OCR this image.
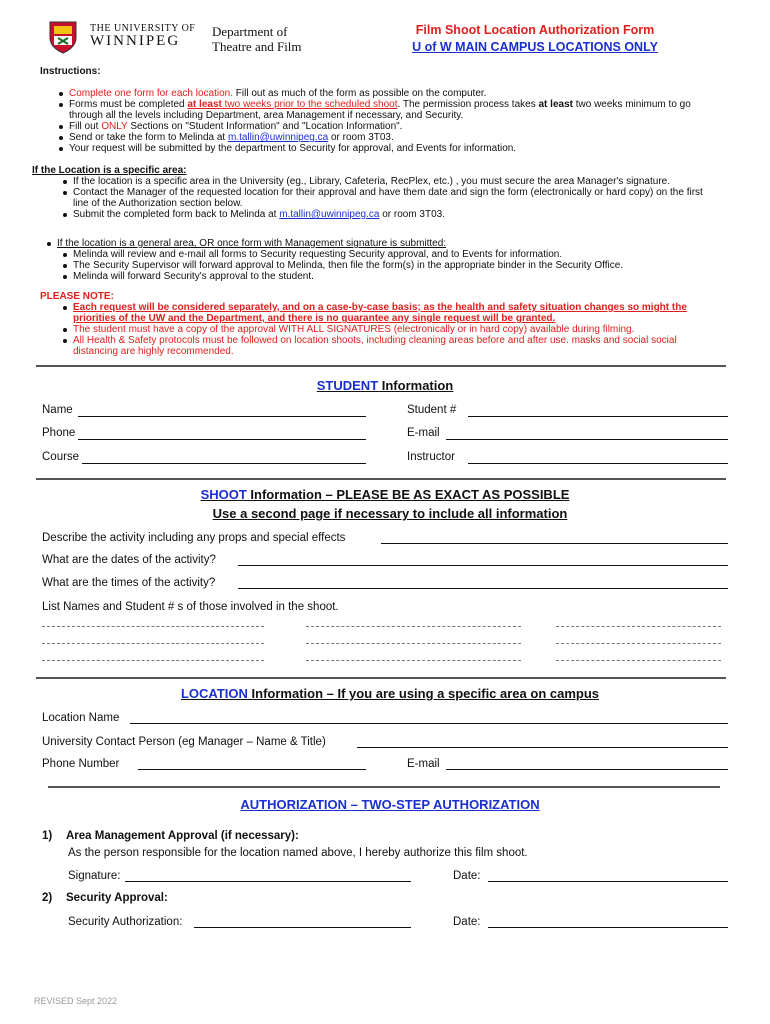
THE UNIVERSITY OF
WINNIPEG
Department of
Theatre and Film
Film Shoot Location Authorization Form
U of W MAIN CAMPUS LOCATIONS ONLY
Instructions:
Complete one form for each location. Fill out as much of the form as possible on the computer.
Forms must be completed at least two weeks prior to the scheduled shoot. The permission process takes at least two weeks minimum to go through all the levels including Department, area Management if necessary, and Security.
Fill out ONLY Sections on "Student Information" and "Location Information".
Send or take the form to Melinda at m.tallin@uwinnipeg.ca or room 3T03.
Your request will be submitted by the department to Security for approval, and Events for information.
If the Location is a specific area:
If the location is a specific area in the University (eg., Library, Cafeteria, RecPlex, etc.) , you must secure the area Manager's signature.
Contact the Manager of the requested location for their approval and have them date and sign the form (electronically or hard copy) on the first line of the Authorization section below.
Submit the completed form back to Melinda at m.tallin@uwinnipeg.ca or room 3T03.
If the location is a general area, OR once form with Management signature is submitted:
Melinda will review and e-mail all forms to Security requesting Security approval, and to Events for information.
The Security Supervisor will forward approval to Melinda, then file the form(s) in the appropriate binder in the Security Office.
Melinda will forward Security's approval to the student.
PLEASE NOTE:
Each request will be considered separately, and on a case-by-case basis; as the health and safety situation changes so might the priorities of the UW and the Department, and there is no guarantee any single request will be granted.
The student must have a copy of the approval WITH ALL SIGNATURES (electronically or in hard copy) available during filming.
All Health & Safety protocols must be followed on location shoots, including cleaning areas before and after use. masks and social social distancing are highly recommended.
STUDENT Information
Name	Student #
Phone	E-mail
Course	Instructor
SHOOT Information – PLEASE BE AS EXACT AS POSSIBLE
Use a second page if necessary to include all information
Describe the activity including any props and special effects
What are the dates of the activity?
What are the times of the activity?
List Names and Student # s of those involved in the shoot.
LOCATION Information – If you are using a specific area on campus
Location Name
University Contact Person (eg Manager – Name & Title)
Phone Number	E-mail
AUTHORIZATION – TWO-STEP AUTHORIZATION
1) Area Management Approval (if necessary):
As the person responsible for the location named above, I hereby authorize this film shoot.
Signature:	Date:
2) Security Approval:
Security Authorization:	Date:
REVISED Sept 2022
